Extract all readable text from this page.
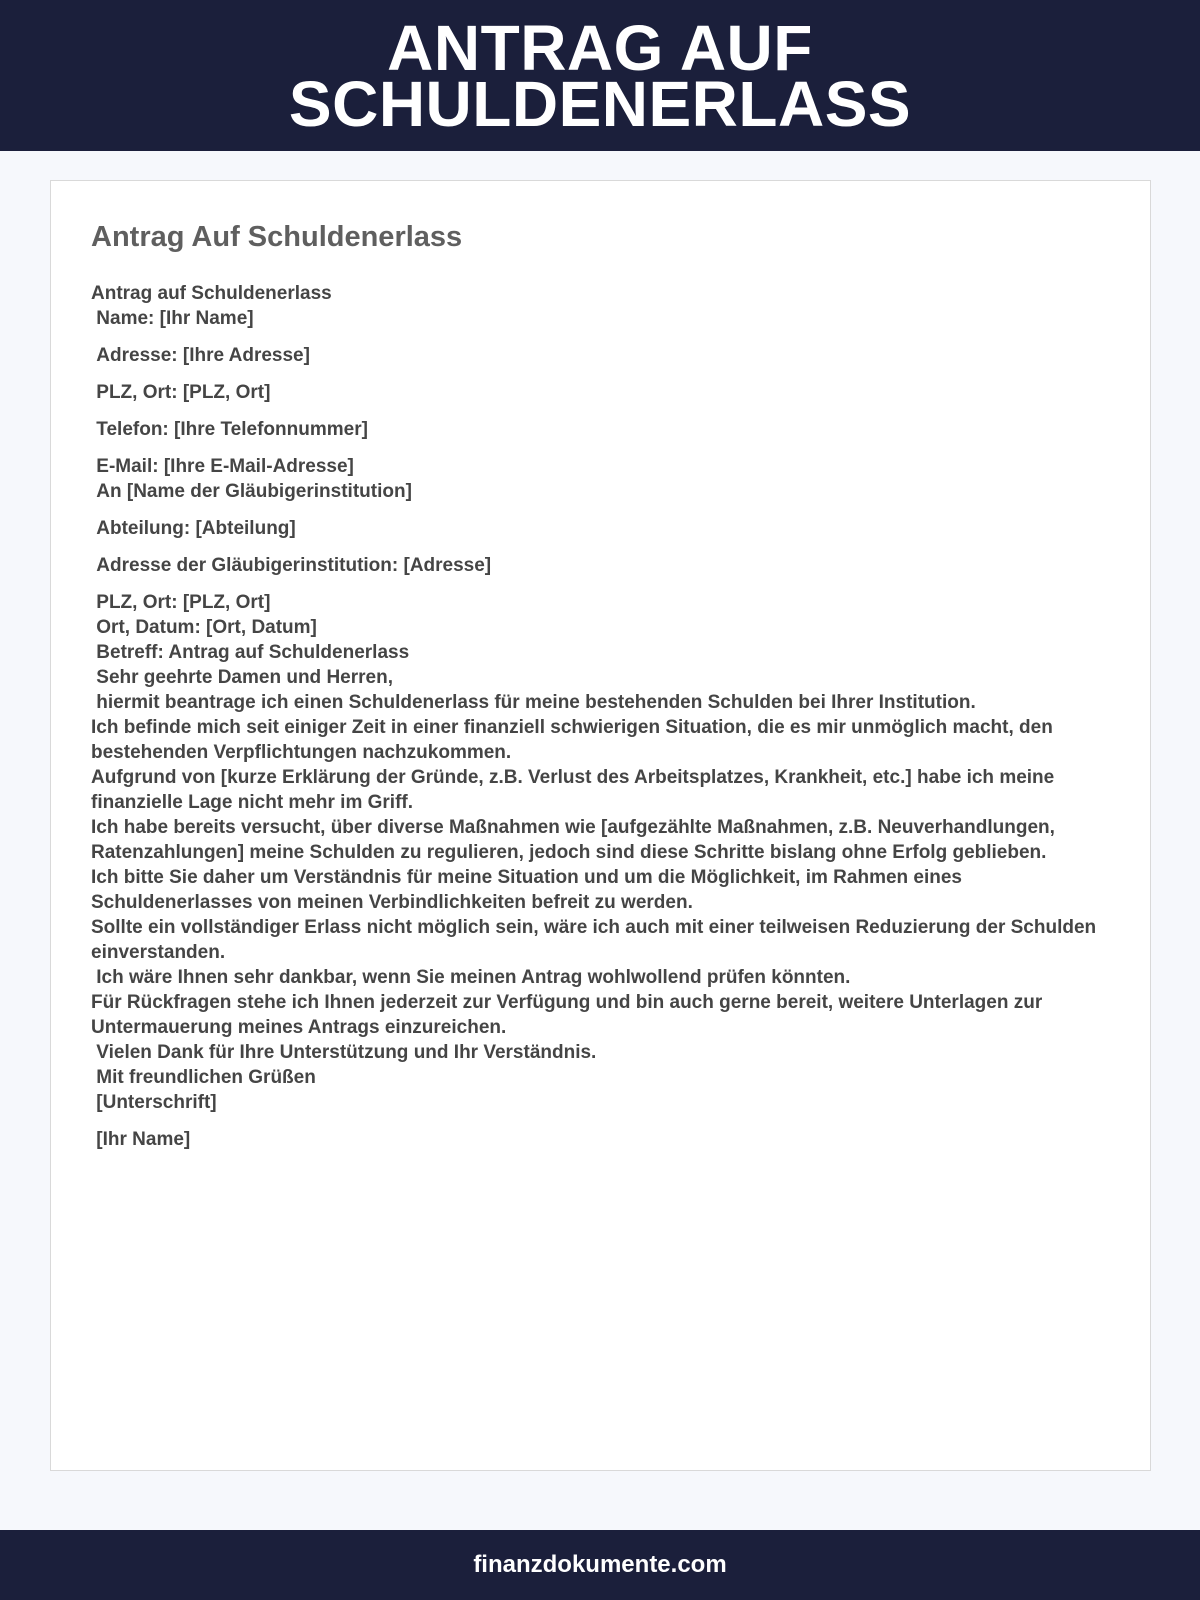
ANTRAG AUF SCHULDENERLASS
Antrag Auf Schuldenerlass
Antrag auf Schuldenerlass
Name: [Ihr Name]
Adresse: [Ihre Adresse]
PLZ, Ort: [PLZ, Ort]
Telefon: [Ihre Telefonnummer]
E-Mail: [Ihre E-Mail-Adresse]
An [Name der Gläubigerinstitution]
Abteilung: [Abteilung]
Adresse der Gläubigerinstitution: [Adresse]
PLZ, Ort: [PLZ, Ort]
Ort, Datum: [Ort, Datum]
Betreff: Antrag auf Schuldenerlass
Sehr geehrte Damen und Herren,
hiermit beantrage ich einen Schuldenerlass für meine bestehenden Schulden bei Ihrer Institution.
Ich befinde mich seit einiger Zeit in einer finanziell schwierigen Situation, die es mir unmöglich macht, den bestehenden Verpflichtungen nachzukommen.
Aufgrund von [kurze Erklärung der Gründe, z.B. Verlust des Arbeitsplatzes, Krankheit, etc.] habe ich meine finanzielle Lage nicht mehr im Griff.
Ich habe bereits versucht, über diverse Maßnahmen wie [aufgezählte Maßnahmen, z.B. Neuverhandlungen, Ratenzahlungen] meine Schulden zu regulieren, jedoch sind diese Schritte bislang ohne Erfolg geblieben.
Ich bitte Sie daher um Verständnis für meine Situation und um die Möglichkeit, im Rahmen eines Schuldenerlasses von meinen Verbindlichkeiten befreit zu werden.
Sollte ein vollständiger Erlass nicht möglich sein, wäre ich auch mit einer teilweisen Reduzierung der Schulden einverstanden.
Ich wäre Ihnen sehr dankbar, wenn Sie meinen Antrag wohlwollend prüfen könnten.
Für Rückfragen stehe ich Ihnen jederzeit zur Verfügung und bin auch gerne bereit, weitere Unterlagen zur Untermauerung meines Antrags einzureichen.
Vielen Dank für Ihre Unterstützung und Ihr Verständnis.
Mit freundlichen Grüßen
[Unterschrift]
[Ihr Name]
finanzdokumente.com
